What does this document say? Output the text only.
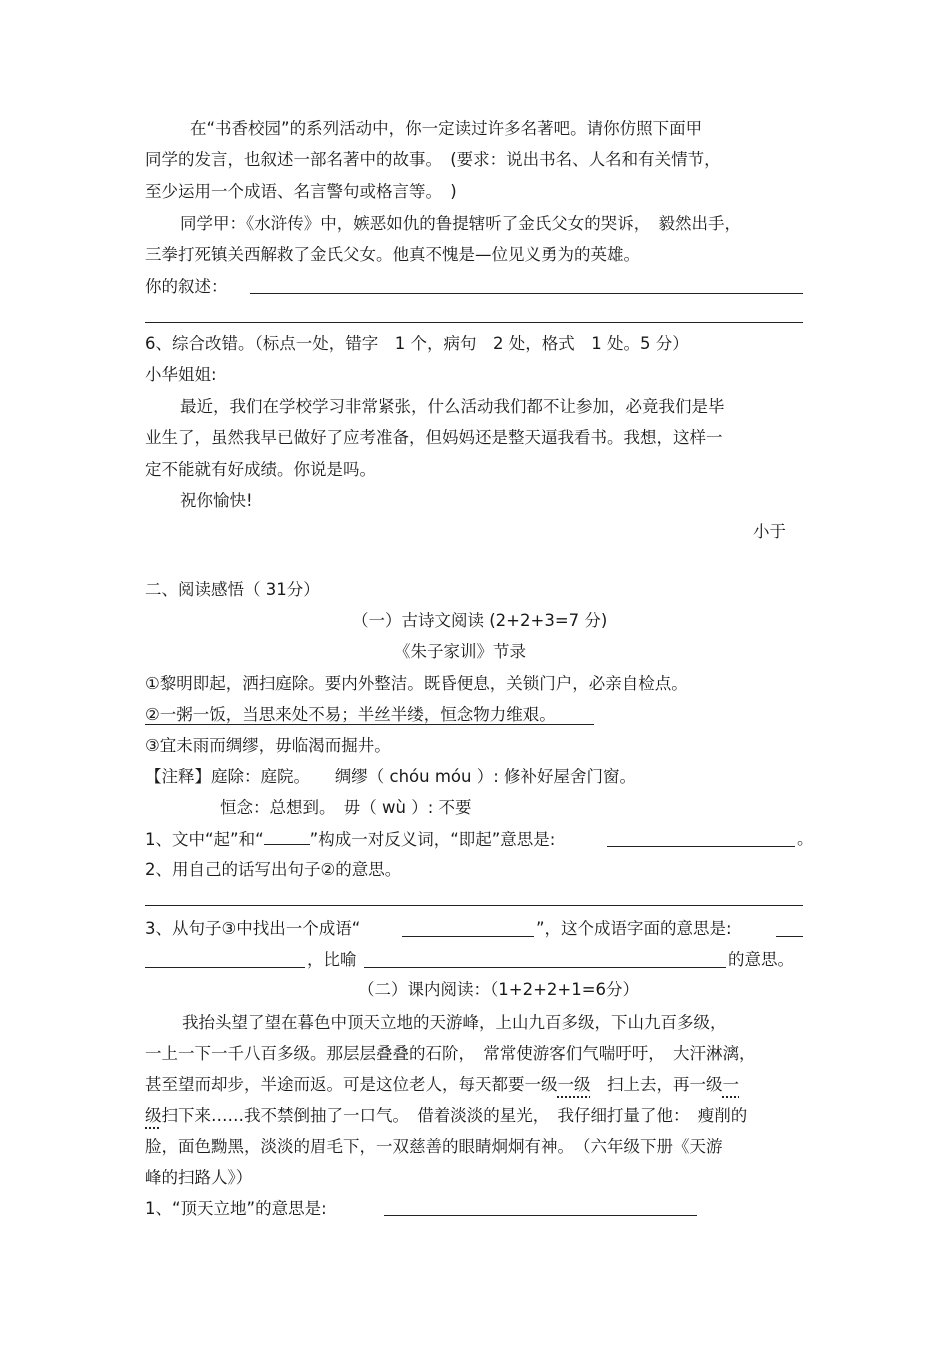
在“书香校园”的系列活动中，你一定读过许多名著吧。请你仿照下面甲
同学的发言，也叙述一部名著中的故事。　(要求：说出书名、人名和有关情节，
至少运用一个成语、名言警句或格言等。　)
同学甲：《水浒传》中，嫉恶如仇的鲁提辖听了金氏父女的哭诉，　毅然出手，
三拳打死镇关西解救了金氏父女。他真不愧是—位见义勇为的英雄。
你的叙述：
6、综合改错。（标点一处，错字　1 个，病句　2 处，格式　1 处。5 分）
小华姐姐:
最近，我们在学校学习非常紧张，什么活动我们都不让参加，必竟我们是毕
业生了，虽然我早已做好了应考准备，但妈妈还是整天逼我看书。我想，这样一
定不能就有好成绩。你说是吗。
祝你愉快!
小于
二、阅读感悟（ 31分）
（一）古诗文阅读 (2+2+3=7 分)
《朱子家训》节录
①黎明即起，洒扫庭除。要内外整洁。既昏便息，关锁门户，必亲自检点。
②一粥一饭，当思来处不易；半丝半缕，恒念物力维艰。
③宜未雨而绸缪，毋临渴而掘井。
【注释】庭除：庭院。　　绸缪（ chóu móu ）: 修补好屋舍门窗。
恒念：总想到。　毋（ wù ）: 不要
1、文中“起”和“	”构成一对反义词，“即起”意思是:	。
2、用自己的话写出句子②的意思。
3、从句子③中找出一个成语“	”，这个成语字面的意思是:
，比喻	的意思。
（二）课内阅读：（1+2+2+1=6分）
我抬头望了望在暮色中顶天立地的天游峰，上山九百多级，下山九百多级，
一上一下一千八百多级。那层层叠叠的石阶，　常常使游客们气喘吁吁，　大汗淋漓，
甚至望而却步，半途而返。可是这位老人，每天都要一级一级　 扫上去，再一级一
级扫下来……我不禁倒抽了一口气。　借着淡淡的星光，　我仔细打量了他：　瘦削的
脸，面色黝黑，淡淡的眉毛下，一双慈善的眼睛炯炯有神。　（六年级下册《天游
峰的扫路人》）
1、“顶天立地”的意思是:
